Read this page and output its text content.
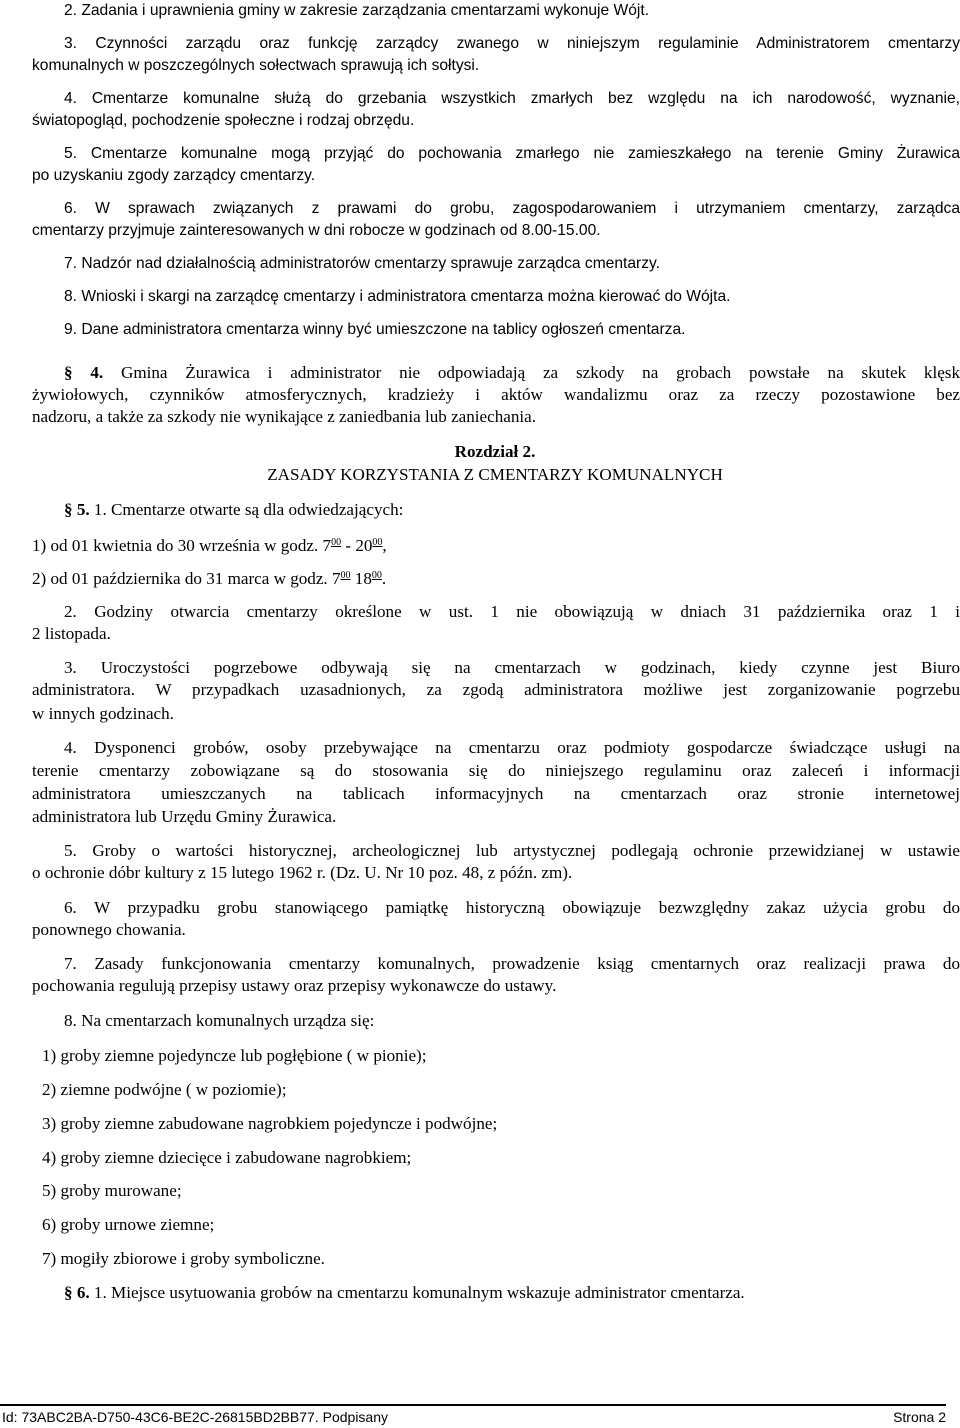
2. Zadania i uprawnienia gminy w zakresie zarządzania cmentarzami wykonuje Wójt.

3. Czynności zarządu oraz funkcję zarządcy zwanego w niniejszym regulaminie Administratorem cmentarzy

komunalnych w poszczególnych sołectwach sprawują ich sołtysi.

4. Cmentarze komunalne służą do grzebania wszystkich zmarłych bez względu na ich narodowość, wyznanie,

światopogląd, pochodzenie społeczne i rodzaj obrzędu.

5. Cmentarze komunalne mogą przyjąć do pochowania zmarłego nie zamieszkałego na terenie Gminy Żurawica

po uzyskaniu zgody zarządcy cmentarzy.

6. W sprawach związanych z prawami do grobu, zagospodarowaniem i utrzymaniem cmentarzy, zarządca

cmentarzy przyjmuje zainteresowanych w dni robocze w godzinach od 8.00-15.00.

7. Nadzór nad działalnością administratorów cmentarzy sprawuje zarządca cmentarzy.

8. Wnioski i skargi na zarządcę cmentarzy i administratora cmentarza można kierować do Wójta.

9. Dane administratora cmentarza winny być umieszczone na tablicy ogłoszeń cmentarza.

§ 4. Gmina Żurawica i administrator nie odpowiadają za szkody na grobach powstałe na skutek klęsk

żywiołowych, czynników atmosferycznych, kradzieży i aktów wandalizmu oraz za rzeczy pozostawione bez

nadzoru, a także za szkody nie wynikające z zaniedbania lub zaniechania.

Rozdział 2.

ZASADY KORZYSTANIA Z CMENTARZY KOMUNALNYCH

§ 5. 1. Cmentarze otwarte są dla odwiedzających:

1) od 01 kwietnia do 30 września w godz. $7^{00} - 20^{00}$,

2) od 01 października do 31 marca w godz. $7^{00}$ $18^{00}$.

2. Godziny otwarcia cmentarzy określone w ust. 1 nie obowiązują w dniach 31 października oraz 1 i

2 listopada.

3. Uroczystości pogrzebowe odbywają się na cmentarzach w godzinach, kiedy czynne jest Biuro

administratora. W przypadkach uzasadnionych, za zgodą administratora możliwe jest zorganizowanie pogrzebu

w innych godzinach.

4. Dysponenci grobów, osoby przebywające na cmentarzu oraz podmioty gospodarcze świadczące usługi na

terenie cmentarzy zobowiązane są do stosowania się do niniejszego regulaminu oraz zaleceń i informacji

administratora umieszczanych na tablicach informacyjnych na cmentarzach oraz stronie internetowej

administratora lub Urzędu Gminy Żurawica.

5. Groby o wartości historycznej, archeologicznej lub artystycznej podlegają ochronie przewidzianej w ustawie

o ochronie dóbr kultury z 15 lutego 1962 r. (Dz. U. Nr 10 poz. 48, z późn. zm).

6. W przypadku grobu stanowiącego pamiątkę historyczną obowiązuje bezwzględny zakaz użycia grobu do

ponownego chowania.

7. Zasady funkcjonowania cmentarzy komunalnych, prowadzenie ksiąg cmentarnych oraz realizacji prawa do

pochowania regulują przepisy ustawy oraz przepisy wykonawcze do ustawy.

8. Na cmentarzach komunalnych urządza się:

1) groby ziemne pojedyncze lub pogłębione ( w pionie);

2) ziemne podwójne ( w poziomie);

3) groby ziemne zabudowane nagrobkiem pojedyncze i podwójne;

4) groby ziemne dziecięce i zabudowane nagrobkiem;

5) groby murowane;

6) groby urnowe ziemne;

7) mogiły zbiorowe i groby symboliczne.

§ 6. 1. Miejsce usytuowania grobów na cmentarzu komunalnym wskazuje administrator cmentarza.

Id: 73ABC2BA-D750-43C6-BE2C-26815BD2BB77. Podpisany	Strona 2
